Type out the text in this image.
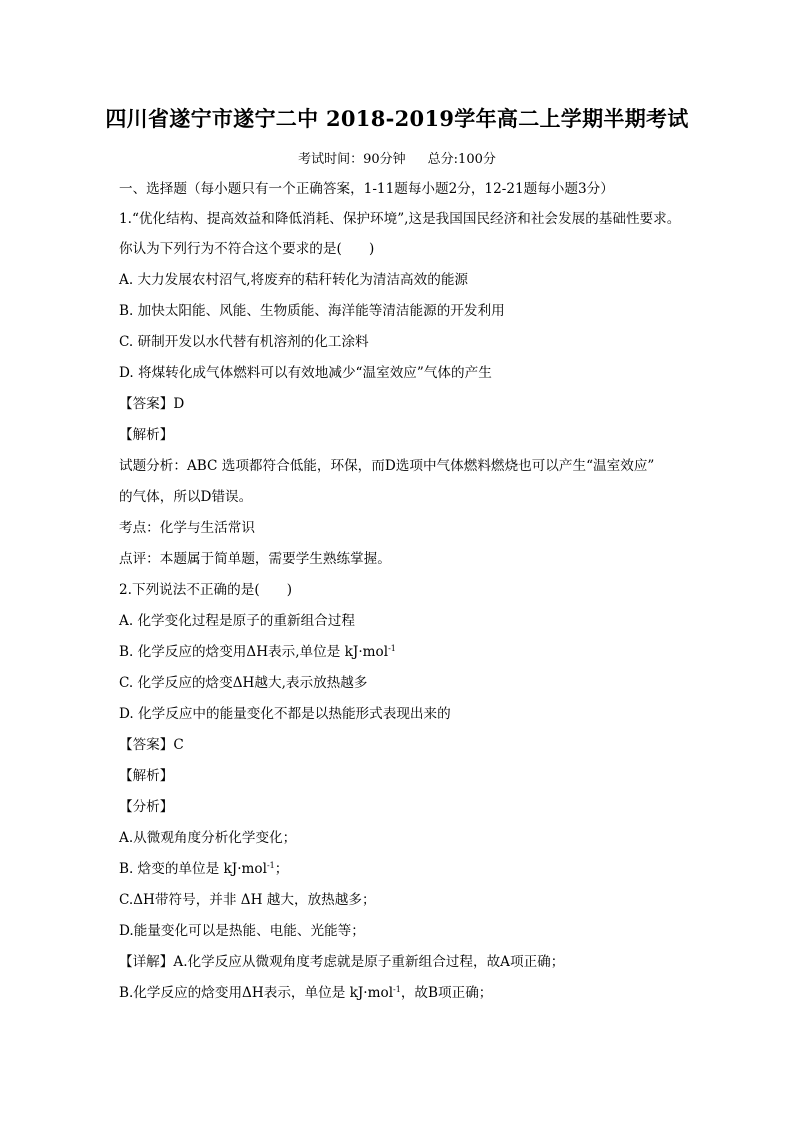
四川省遂宁市遂宁二中 2018-2019学年高二上学期半期考试
考试时间：90分钟 总分:100分
一、选择题（每小题只有一个正确答案，1-11题每小题2分，12-21题每小题3分）
1.“优化结构、提高效益和降低消耗、保护环境”,这是我国国民经济和社会发展的基础性要求。
你认为下列行为不符合这个要求的是(　　)
A. 大力发展农村沼气,将废弃的秸秆转化为清洁高效的能源
B. 加快太阳能、风能、生物质能、海洋能等清洁能源的开发利用
C. 研制开发以水代替有机溶剂的化工涂料
D. 将煤转化成气体燃料可以有效地减少“温室效应”气体的产生
【答案】D
【解析】
试题分析：ABC 选项都符合低能，环保，而D选项中气体燃料燃烧也可以产生“温室效应”
的气体，所以D错误。
考点：化学与生活常识
点评：本题属于简单题，需要学生熟练掌握。
2.下列说法不正确的是(　　)
A. 化学变化过程是原子的重新组合过程
B. 化学反应的焓变用ΔH表示,单位是 kJ·mol$^{-1}$
C. 化学反应的焓变ΔH越大,表示放热越多
D. 化学反应中的能量变化不都是以热能形式表现出来的
【答案】C
【解析】
【分析】
A.从微观角度分析化学变化；
B. 焓变的单位是 kJ·mol$^{-1}$；
C.ΔH带符号，并非 ΔH 越大，放热越多；
D.能量变化可以是热能、电能、光能等；
【详解】A.化学反应从微观角度考虑就是原子重新组合过程，故A项正确；
B.化学反应的焓变用ΔH表示，单位是 kJ·mol$^{-1}$，故B项正确；
